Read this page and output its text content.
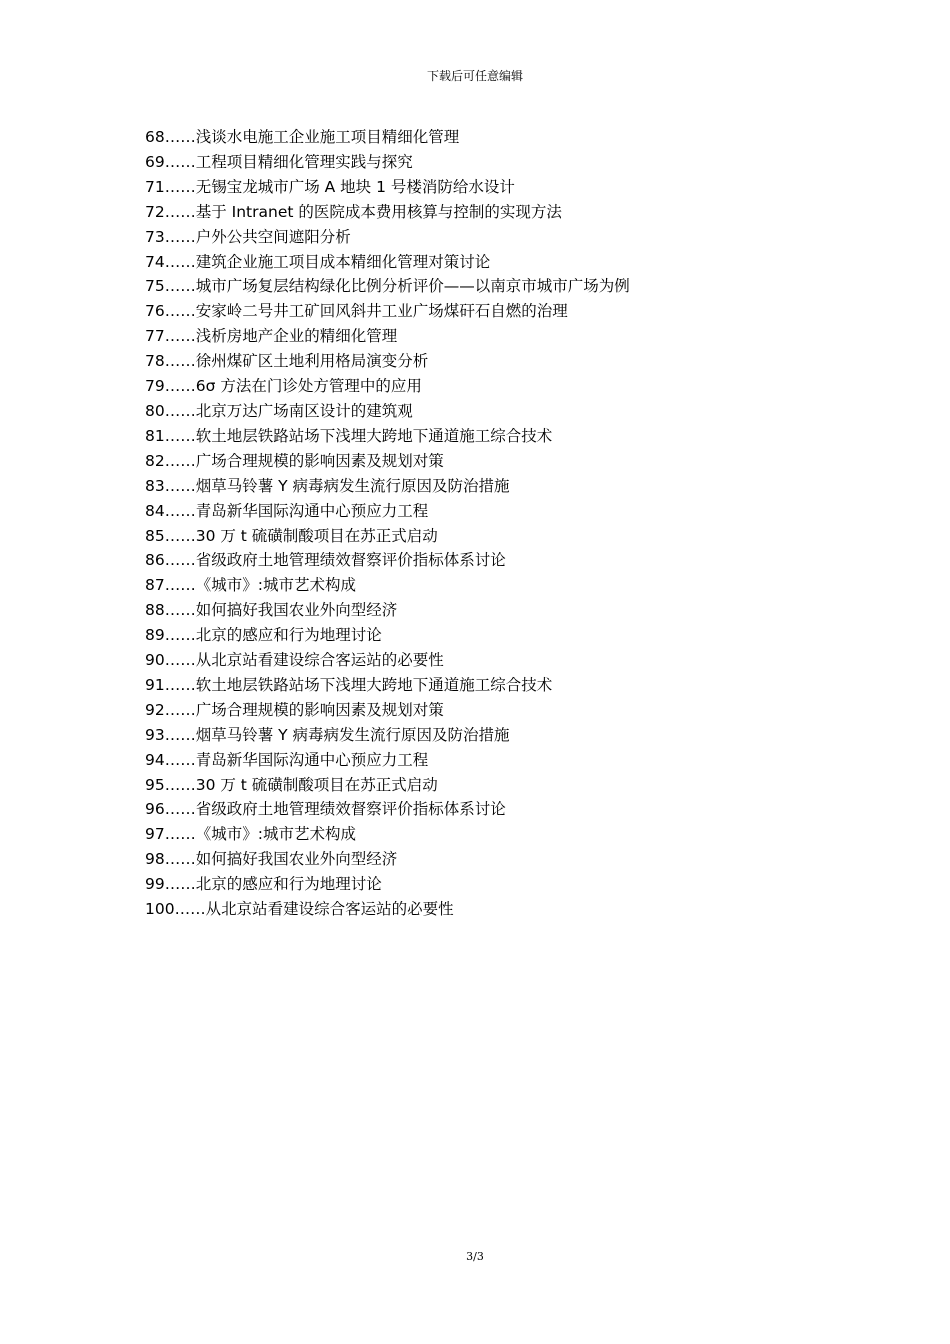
下载后可任意编辑
68……浅谈水电施工企业施工项目精细化管理
69……工程项目精细化管理实践与探究
71……无锡宝龙城市广场 A 地块 1 号楼消防给水设计
72……基于 Intranet 的医院成本费用核算与控制的实现方法
73……户外公共空间遮阳分析
74……建筑企业施工项目成本精细化管理对策讨论
75……城市广场复层结构绿化比例分析评价——以南京市城市广场为例
76……安家岭二号井工矿回风斜井工业广场煤矸石自燃的治理
77……浅析房地产企业的精细化管理
78……徐州煤矿区土地利用格局演变分析
79……6σ 方法在门诊处方管理中的应用
80……北京万达广场南区设计的建筑观
81……软土地层铁路站场下浅埋大跨地下通道施工综合技术
82……广场合理规模的影响因素及规划对策
83……烟草马铃薯 Y 病毒病发生流行原因及防治措施
84……青岛新华国际沟通中心预应力工程
85……30 万 t 硫磺制酸项目在苏正式启动
86……省级政府土地管理绩效督察评价指标体系讨论
87……《城市》:城市艺术构成
88……如何搞好我国农业外向型经济
89……北京的感应和行为地理讨论
90……从北京站看建设综合客运站的必要性
91……软土地层铁路站场下浅埋大跨地下通道施工综合技术
92……广场合理规模的影响因素及规划对策
93……烟草马铃薯 Y 病毒病发生流行原因及防治措施
94……青岛新华国际沟通中心预应力工程
95……30 万 t 硫磺制酸项目在苏正式启动
96……省级政府土地管理绩效督察评价指标体系讨论
97……《城市》:城市艺术构成
98……如何搞好我国农业外向型经济
99……北京的感应和行为地理讨论
100……从北京站看建设综合客运站的必要性
3/3
